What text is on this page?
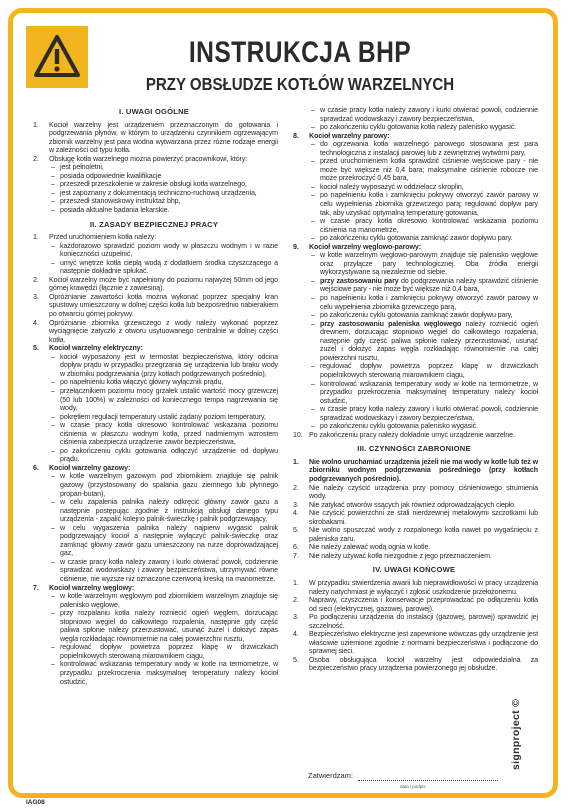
INSTRUKCJA BHP
PRZY OBSŁUDZE KOTŁÓW WARZELNYCH
I. UWAGI OGÓLNE
1. Kocioł warzelny jest urządzeniem przeznaczonym do gotowania i podgrzewania płynów, w którym to urządzeniu czynnikiem ogrzewającym zbiornik warzelny jest para wodna wytwarzana przez różne rodzaje energii w zależności od typu kotła.
2. Obsługę kotła warzelnego można powierzyć pracownikowi, który:
– jest pełnoletni,
– posiada odpowiednie kwalifikacje
– przeszedł przeszkolenie w zakresie obsługi kotła warzelnego,
– jest zapoznany z dokumentacją techniczno-ruchową urządzenia,
– przeszedł stanowiskowy instruktaż bhp,
– posiada aktualne badania lekarskie.
II. ZASADY BEZPIECZNEJ PRACY
1. Przed uruchomieniem kotła należy:
– każdorazowo sprawdzić poziom wody w płaszczu wodnym i w razie konieczności uzupełnić,
– umyć wnętrze kotła ciepłą wodą z dodatkiem środka czyszczącego a następnie dokładnie spłukać.
2. Kocioł warzelny może być napełniony do poziomu najwyżej 50mm od jego górnej krawędzi (łącznie z zawiesiną).
3. Opróżnianie zawartości kotła można wykonać poprzez specjalny kran spustowy umieszczony w dolnej części kotła lub bezpośrednio nabierakiem po otwarciu górnej pokrywy.
4. Opróżnianie zbiornika grzewczego z wody należy wykonać poprzez wyciągnięcie zatyczki z otworu usytuowanego centralnie w dolnej części kotła.
5. Kocioł warzelny elektryczny:
– kocioł wyposażony jest w termostat bezpieczeństwa, który odcina dopływ prądu w przypadku przegrzania się urządzenia lub braku wody w zbiorniku podgrzewania (przy kotłach podgrzewanych pośrednio),
– po napełnieniu kotła włączyć główny wyłącznik prądu,
– przełącznikiem poziomu mocy grzałek ustalić wartość mocy grzewczej (50 lub 100%) w zależności od koniecznego tempa nagrzewania się wody,
– pokrętłem regulacji temperatury ustalić żądany poziom temperatury,
– w czasie pracy kotła okresowo kontrolować wskazania poziomu ciśnienia w płaszczu wodnym kotła, przed nadmiernym wzrostem ciśnienia zabezpiecza urządzenie zawór bezpieczeństwa,
– po zakończeniu cyklu gotowania odłączyć urządzenie od dopływu prądu.
6. Kocioł warzelny gazowy:
– w kotle warzelnym gazowym pod zbiornikiem znajduje się palnik gazowy (przystosowany do spalania gazu ziemnego lub płynnego propan-butan),
– w celu zapalenia palnika należy odkręcić główny zawór gazu a następnie postępując zgodnie z instrukcją obsługi danego typu urządzenia - zapalić kolejno palnik-świeczkę i palnik podgrzewający,
– w celu wygaszenia palnika należy najpierw wygasić palnik podgrzewający kocioł a następnie wyłączyć palnik-świeczkę oraz zamknąć główny zawór gazu umieszczony na rurze doprowadzającej gaz,
– w czasie pracy kotła należy zawory i kurki otwierać powoli, codziennie sprawdzać wodowskazy i zawory bezpieczeństwa, utrzymywać równe ciśnienie, nie wyższe niż oznaczone czerwoną kreską na manometrze.
7. Kocioł warzelny węglowy:
– w kotle warzelnym węglowym pod zbiornikiem warzelnym znajduje się palenisko węglowe,
– przy rozpalaniu kotła należy rozniecić ogień węglem, dorzucając stopniowo węgiel do całkowitego rozpalenia, następnie gdy część paliwa spłonie należy przerzustować, usunąć żużel i dołożyć zapas węgla rozkładając równomiernie na całej powierzchni rusztu,
– regulować dopływ powietrza poprzez klapę w drzwiczkach popielnikowych sterowaną miarownikiem ciągu,
– kontrolować wskazania temperatury wody w kotle na termometrze, w przypadku przekroczenia maksymalnej temperatury należy kocioł ostudzić,
– w czasie pracy kotła należy zawory i kurki otwierać powoli, codziennie sprawdzać wodowskazy i zawory bezpieczeństwa,
– po zakończeniu cyklu gotowania kotła należy palenisko wygasić.
8. Kocioł warzelny parowy:
– do ogrzewania kotła warzelnego parowego stosowana jest para technologiczna z instalacji parowej lub z zewnętrznej wytwórni pary,
– przed uruchomieniem kotła sprawdzić ciśnienie wejściowe pary - nie może być większe niż 0,4 bara; maksymalne ciśnienie robocze nie może przekroczyć 0,45 bara,
– kocioł należy wyposażyć w oddzielacz skroplin,
– po napełnieniu kotła i zamknięciu pokrywy otworzyć zawór parowy w celu wypełnienia zbiornika grzewczego parą; regulować dopływ pary tak, aby uzyskać optymalną temperaturę gotowania,
– w czasie pracy kotła okresowo kontrolować wskazania poziomu ciśnienia na manometrze,
– po zakończeniu cyklu gotowania zamknąć zawór dopływu pary.
9. Kocioł warzelny węglowo-parowy:
– w kotle warzelnym węglowo-parowym znajduje się palenisko węglowe oraz przyłącze pary technologicznej. Oba źródła energii wykorzystywane są niezależnie od siebie,
– przy zastosowaniu pary do podgrzewania należy sprawdzić ciśnienie wejściowe pary - nie może być większe niż 0,4 bara,
– po napełnieniu kotła i zamknięciu pokrywy otworzyć zawór parowy w celu wypełnienia zbiornika grzewczego parą,
– po zakończeniu cyklu gotowania zamknąć zawór dopływu pary,
– przy zastosowaniu paleniska węglowego należy rozniecić ogień drewnem, dorzucając stopniowo węgiel do całkowitego rozpalenia, następnie gdy część paliwa spłonie należy przerzustować, usunąć żużel i dołożyć zapas węgla rozkładając równomiernie na całej powierzchni rusztu,
– regulować dopływ powietrza poprzez klapę w drzwiczkach popielnikowych sterowaną miarownikiem ciągu,
– kontrolować wskazania temperatury wody w kotle na termometrze, w przypadku przekroczenia maksymalnej temperatury należy kocioł ostudzić,
– w czasie pracy kotła należy zawory i kurki otwierać powoli, codziennie sprawdzać wodowskazy i zawory bezpieczeństwa,
– po zakończeniu cyklu gotowania palenisko wygasić.
10. Po zakończeniu pracy należy dokładnie umyć urządzenie warzelne.
III. CZYNNOŚCI ZABRONIONE
1. Nie wolno uruchamiać urządzenia jeżeli nie ma wody w kotle lub też w zbiorniku wodnym podgrzewania pośredniego (przy kotłach podgrzewanych pośrednio).
2. Nie należy czyścić urządzenia przy pomocy ciśnieniowego strumienia wody.
3. Nie zatykać otworów ssących jak również odprowadzających ciepło.
4. Nie czyścić powierzchni ze stali nierdzewnej metalowymi szczotkami lub skrobakami.
5. Nie wolno spuszczać wody z rozpalonego kotła nawet po wygaśnięciu z paleniska żaru.
6. Nie należy zalewać wodą ognia w kotle.
7. Nie należy używać kotła niezgodnie z jego przeznaczeniem.
IV. UWAGI KOŃCOWE
1. W przypadku stwierdzenia awarii lub nieprawidłowości w pracy urządzenia należy natychmiast je wyłączyć i zgłosić uszkodzenie przełożonemu.
2. Naprawy, czyszczenia i konserwacje przeprowadzać po odłączeniu kotła od sieci (elektrycznej, gazowej, parowej).
3. Po podłączeniu urządzenia do instalacji (gazowej, parowej) sprawdzić jej szczelność.
4. Bezpieczeństwo elektryczne jest zapewnione wówczas gdy urządzenie jest właściwie uziemione zgodnie z normami bezpieczeństwa i podłączone do sprawnej sieci.
5. Osoba obsługująca kocioł warzelny jest odpowiedzialna za bezpieczeństwo pracy urządzenia powierzonego jej obsłudze.
Zatwierdzam:
data i podpis
signproject ©
IAG08
